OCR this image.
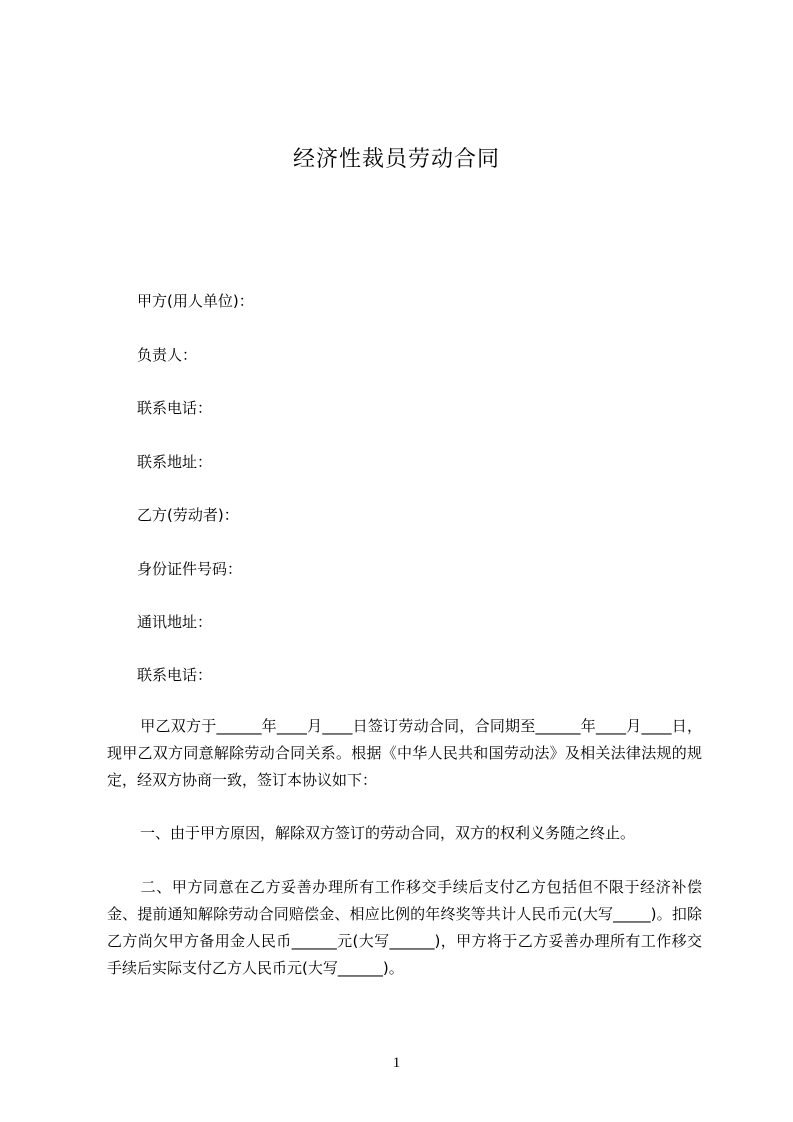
经济性裁员劳动合同
甲方(用人单位)：
负责人：
联系电话：
联系地址：
乙方(劳动者)：
身份证件号码：
通讯地址：
联系电话：
甲乙双方于______年____月____日签订劳动合同，合同期至______年____月____日，现甲乙双方同意解除劳动合同关系。根据《中华人民共和国劳动法》及相关法律法规的规定，经双方协商一致，签订本协议如下：
一、由于甲方原因，解除双方签订的劳动合同，双方的权利义务随之终止。
二、甲方同意在乙方妥善办理所有工作移交手续后支付乙方包括但不限于经济补偿金、提前通知解除劳动合同赔偿金、相应比例的年终奖等共计人民币元(大写_____)。扣除乙方尚欠甲方备用金人民币______元(大写______)，甲方将于乙方妥善办理所有工作移交手续后实际支付乙方人民币元(大写______)。
1
